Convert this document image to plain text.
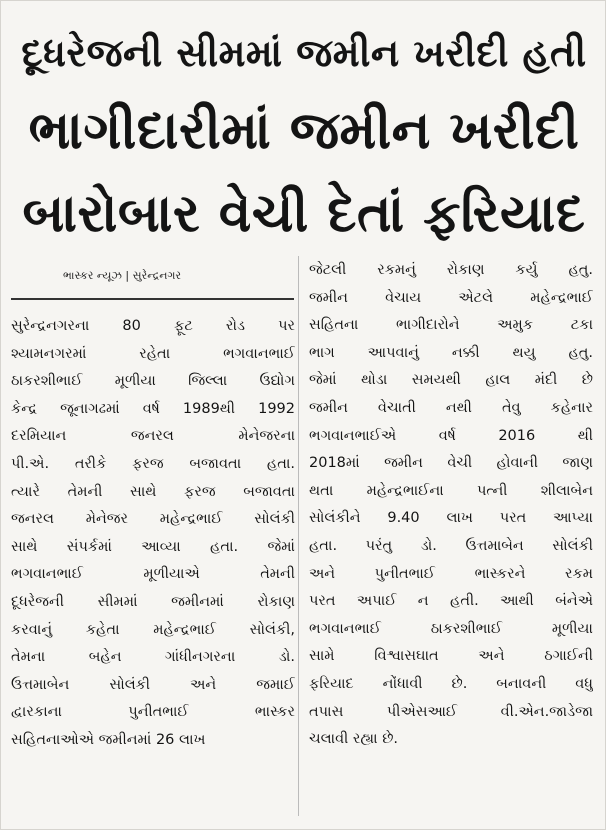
દૂધરેજની સીમમાં જમીન ખરીદી હતી
ભાગીદારીમાં જમીન ખરીદી
બારોબાર વેચી દેતાં ફરિયાદ
ભાસ્કર ન્યૂઝ | સુરેન્દ્રનગર
સુરેન્દ્રનગરના 80 ફૂટ રોડ પર
શ્યામનગરમાં રહેતા ભગવાનભાઈ
ઠાકરશીભાઈ મૂળીયા જિલ્લા ઉદ્યોગ
કેન્દ્ર જૂનાગઢમાં વર્ષ 1989થી 1992
દરમિયાન જનરલ મેનેજરના
પી.એ. તરીકે ફરજ બજાવતા હતા.
ત્યારે તેમની સાથે ફરજ બજાવતા
જનરલ મેનેજર મહેન્દ્રભાઈ સોલંકી
સાથે સંપર્કમાં આવ્યા હતા. જેમાં
ભગવાનભાઈ મૂળીયાએ તેમની
દૂધરેજની સીમમાં જમીનમાં રોકાણ
કરવાનું કહેતા મહેન્દ્રભાઈ સોલંકી,
તેમના બહેન ગાંધીનગરના ડો.
ઉત્તમાબેન સોલંકી અને જમાઈ
દ્વારકાના પુનીતભાઈ ભાસ્કર
સહિતનાઓએ જમીનમાં 26 લાખ
જેટલી રકમનું રોકાણ કર્યુ હતુ.
જમીન વેચાય એટલે મહેન્દ્રભાઈ
સહિતના ભાગીદારોને અમુક ટકા
ભાગ આપવાનું નક્કી થયુ હતુ.
જેમાં થોડા સમયથી હાલ મંદી છે
જમીન વેચાતી નથી તેવુ કહેનાર
ભગવાનભાઈએ વર્ષ 2016 થી
2018માં જમીન વેચી હોવાની જાણ
થતા મહેન્દ્રભાઈના પત્ની શીલાબેન
સોલંકીને 9.40 લાખ પરત આપ્યા
હતા. પરંતુ ડો. ઉત્તમાબેન સોલંકી
અને પુનીતભાઈ ભાસ્કરને રકમ
પરત અપાઈ ન હતી. આથી બંનેએ
ભગવાનભાઈ ઠાકરશીભાઈ મૂળીયા
સામે વિશ્વાસઘાત અને ઠગાઈની
ફરિયાદ નોંધાવી છે. બનાવની વધુ
તપાસ પીએસઆઈ વી.એન.જાડેજા
ચલાવી રહ્યા છે.
